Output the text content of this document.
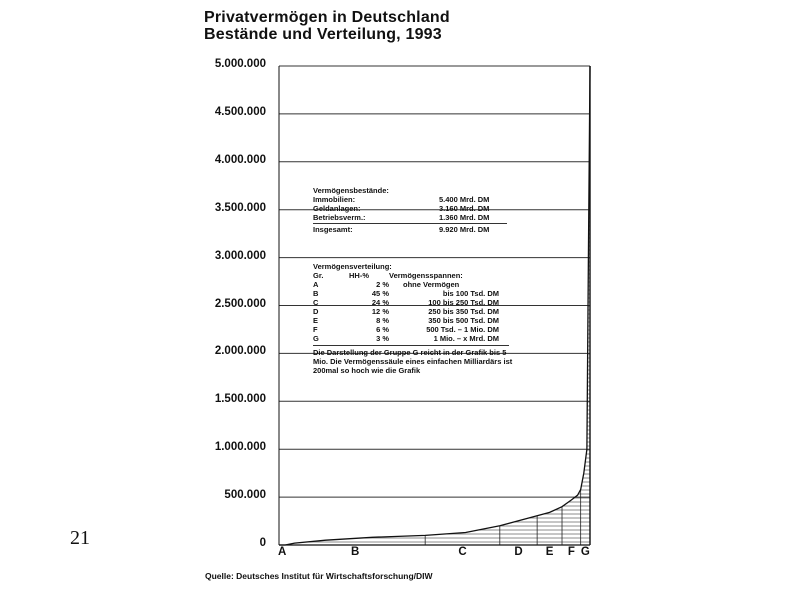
Privatvermögen in Deutschland
Bestände und Verteilung, 1993
5.000.000
4.500.000
4.000.000
3.500.000
3.000.000
2.500.000
2.000.000
1.500.000
1.000.000
500.000
0
A	B	C	D E F G
Vermögensbestände:
Immobilien:	5.400 Mrd. DM
Geldanlagen:	3.160 Mrd. DM
Betriebsverm.:	1.360 Mrd. DM
Insgesamt:	9.920 Mrd. DM
Vermögensverteilung:
Gr.	HH-%	Vermögensspannen:
A	2 %	ohne Vermögen
B	45 %	bis 100 Tsd. DM
C	24 %	100 bis 250 Tsd. DM
D	12 %	250 bis 350 Tsd. DM
E	8 %	350 bis 500 Tsd. DM
F	6 %	500 Tsd. – 1 Mio. DM
G	3 %	1 Mio. – x Mrd. DM
Die Darstellung der Gruppe G reicht in der Grafik bis 5 Mio. Die Vermögenssäule eines einfachen Milliardärs ist 200mal so hoch wie die Grafik
Quelle: Deutsches Institut für Wirtschaftsforschung/DIW
21
